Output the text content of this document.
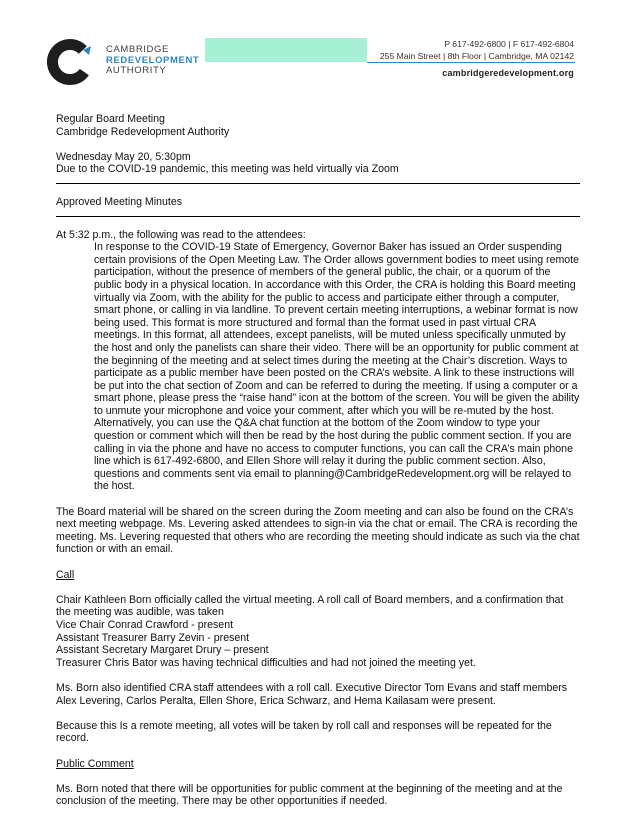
CAMBRIDGE
REDEVELOPMENT
AUTHORITY
P 617-492-6800 | F 617-492-6804
255 Main Street | 8th Floor | Cambridge, MA 02142
cambridgeredevelopment.org

Regular Board Meeting

Cambridge Redevelopment Authority

Wednesday May 20, 5:30pm

Due to the COVID-19 pandemic, this meeting was held virtually via Zoom

Approved Meeting Minutes

At 5:32 p.m., the following was read to the attendees:

In response to the COVID-19 State of Emergency, Governor Baker has issued an Order suspending certain provisions of the Open Meeting Law. The Order allows government bodies to meet using remote participation, without the presence of members of the general public, the chair, or a quorum of the public body in a physical location. In accordance with this Order, the CRA is holding this Board meeting virtually via Zoom, with the ability for the public to access and participate either through a computer, smart phone, or calling in via landline. To prevent certain meeting interruptions, a webinar format is now being used. This format is more structured and formal than the format used in past virtual CRA meetings. In this format, all attendees, except panelists, will be muted unless specifically unmuted by the host and only the panelists can share their video. There will be an opportunity for public comment at the beginning of the meeting and at select times during the meeting at the Chair’s discretion. Ways to participate as a public member have been posted on the CRA’s website. A link to these instructions will be put into the chat section of Zoom and can be referred to during the meeting. If using a computer or a smart phone, please press the “raise hand” icon at the bottom of the screen. You will be given the ability to unmute your microphone and voice your comment, after which you will be re-muted by the host. Alternatively, you can use the Q&A chat function at the bottom of the Zoom window to type your question or comment which will then be read by the host during the public comment section. If you are calling in via the phone and have no access to computer functions, you can call the CRA’s main phone line which is 617-492-6800, and Ellen Shore will relay it during the public comment section. Also, questions and comments sent via email to planning@CambridgeRedevelopment.org will be relayed to the host.

The Board material will be shared on the screen during the Zoom meeting and can also be found on the CRA’s next meeting webpage. Ms. Levering asked attendees to sign-in via the chat or email. The CRA is recording the meeting. Ms. Levering requested that others who are recording the meeting should indicate as such via the chat function or with an email.

Call

Chair Kathleen Born officially called the virtual meeting. A roll call of Board members, and a confirmation that the meeting was audible, was taken

Vice Chair Conrad Crawford - present

Assistant Treasurer Barry Zevin - present

Assistant Secretary Margaret Drury – present

Treasurer Chris Bator was having technical difficulties and had not joined the meeting yet.

Ms. Born also identified CRA staff attendees with a roll call. Executive Director Tom Evans and staff members Alex Levering, Carlos Peralta, Ellen Shore, Erica Schwarz, and Hema Kailasam were present.

Because this Is a remote meeting, all votes will be taken by roll call and responses will be repeated for the record.

Public Comment

Ms. Born noted that there will be opportunities for public comment at the beginning of the meeting and at the conclusion of the meeting. There may be other opportunities if needed.
